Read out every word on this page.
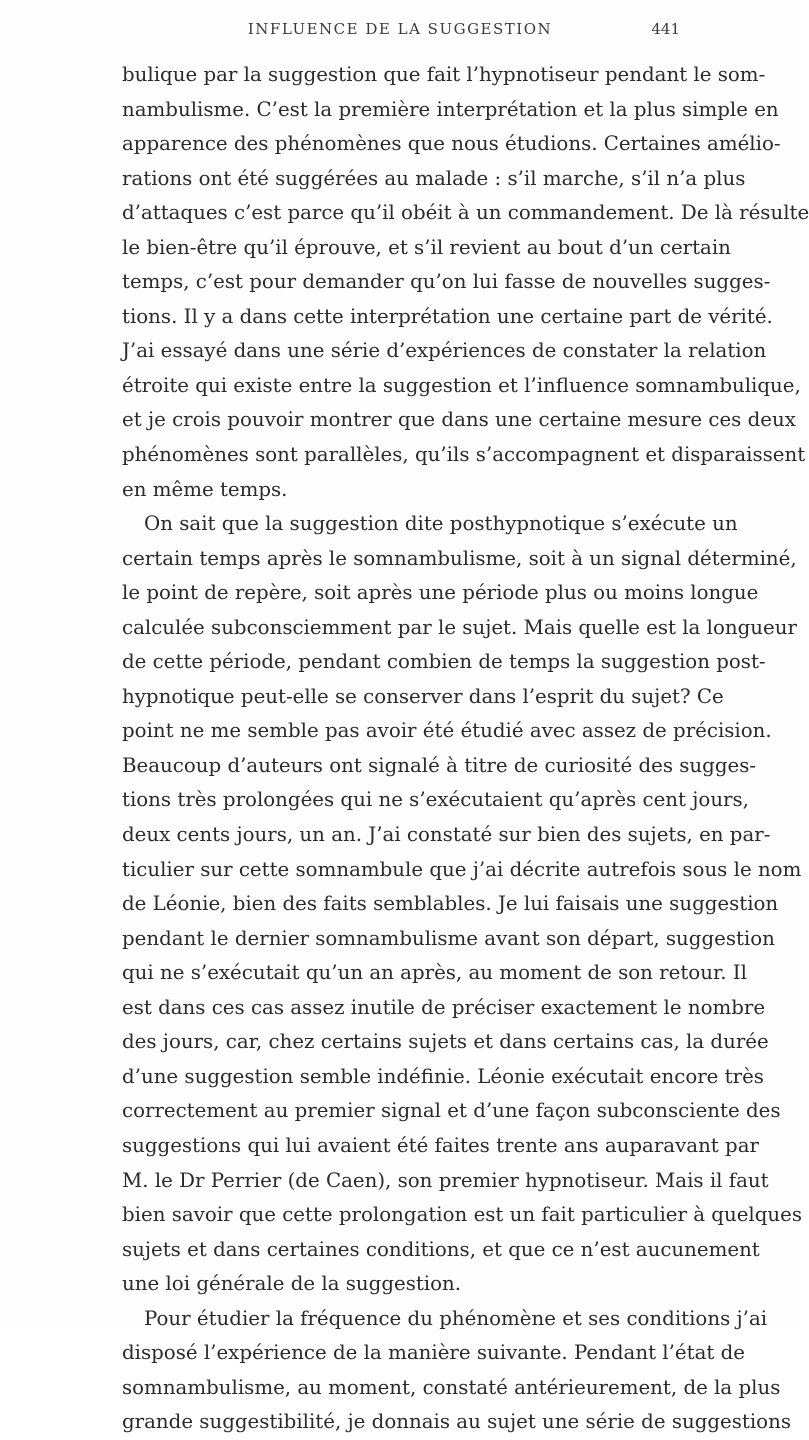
INFLUENCE DE LA SUGGESTION	441
bulique par la suggestion que fait l’hypnotiseur pendant le som-
nambulisme. C’est la première interprétation et la plus simple en
apparence des phénomènes que nous étudions. Certaines amélio-
rations ont été suggérées au malade : s’il marche, s’il n’a plus
d’attaques c’est parce qu’il obéit à un commandement. De là résulte
le bien-être qu’il éprouve, et s’il revient au bout d’un certain
temps, c’est pour demander qu’on lui fasse de nouvelles sugges-
tions. Il y a dans cette interprétation une certaine part de vérité.
J’ai essayé dans une série d’expériences de constater la relation
étroite qui existe entre la suggestion et l’influence somnambulique,
et je crois pouvoir montrer que dans une certaine mesure ces deux
phénomènes sont parallèles, qu’ils s’accompagnent et disparaissent
en même temps.
On sait que la suggestion dite posthypnotique s’exécute un
certain temps après le somnambulisme, soit à un signal déterminé,
le point de repère, soit après une période plus ou moins longue
calculée subconsciemment par le sujet. Mais quelle est la longueur
de cette période, pendant combien de temps la suggestion post-
hypnotique peut-elle se conserver dans l’esprit du sujet? Ce
point ne me semble pas avoir été étudié avec assez de précision.
Beaucoup d’auteurs ont signalé à titre de curiosité des sugges-
tions très prolongées qui ne s’exécutaient qu’après cent jours,
deux cents jours, un an. J’ai constaté sur bien des sujets, en par-
ticulier sur cette somnambule que j’ai décrite autrefois sous le nom
de Léonie, bien des faits semblables. Je lui faisais une suggestion
pendant le dernier somnambulisme avant son départ, suggestion
qui ne s’exécutait qu’un an après, au moment de son retour. Il
est dans ces cas assez inutile de préciser exactement le nombre
des jours, car, chez certains sujets et dans certains cas, la durée
d’une suggestion semble indéfinie. Léonie exécutait encore très
correctement au premier signal et d’une façon subconsciente des
suggestions qui lui avaient été faites trente ans auparavant par
M. le Dr Perrier (de Caen), son premier hypnotiseur. Mais il faut
bien savoir que cette prolongation est un fait particulier à quelques
sujets et dans certaines conditions, et que ce n’est aucunement
une loi générale de la suggestion.
Pour étudier la fréquence du phénomène et ses conditions j’ai
disposé l’expérience de la manière suivante. Pendant l’état de
somnambulisme, au moment, constaté antérieurement, de la plus
grande suggestibilité, je donnais au sujet une série de suggestions
